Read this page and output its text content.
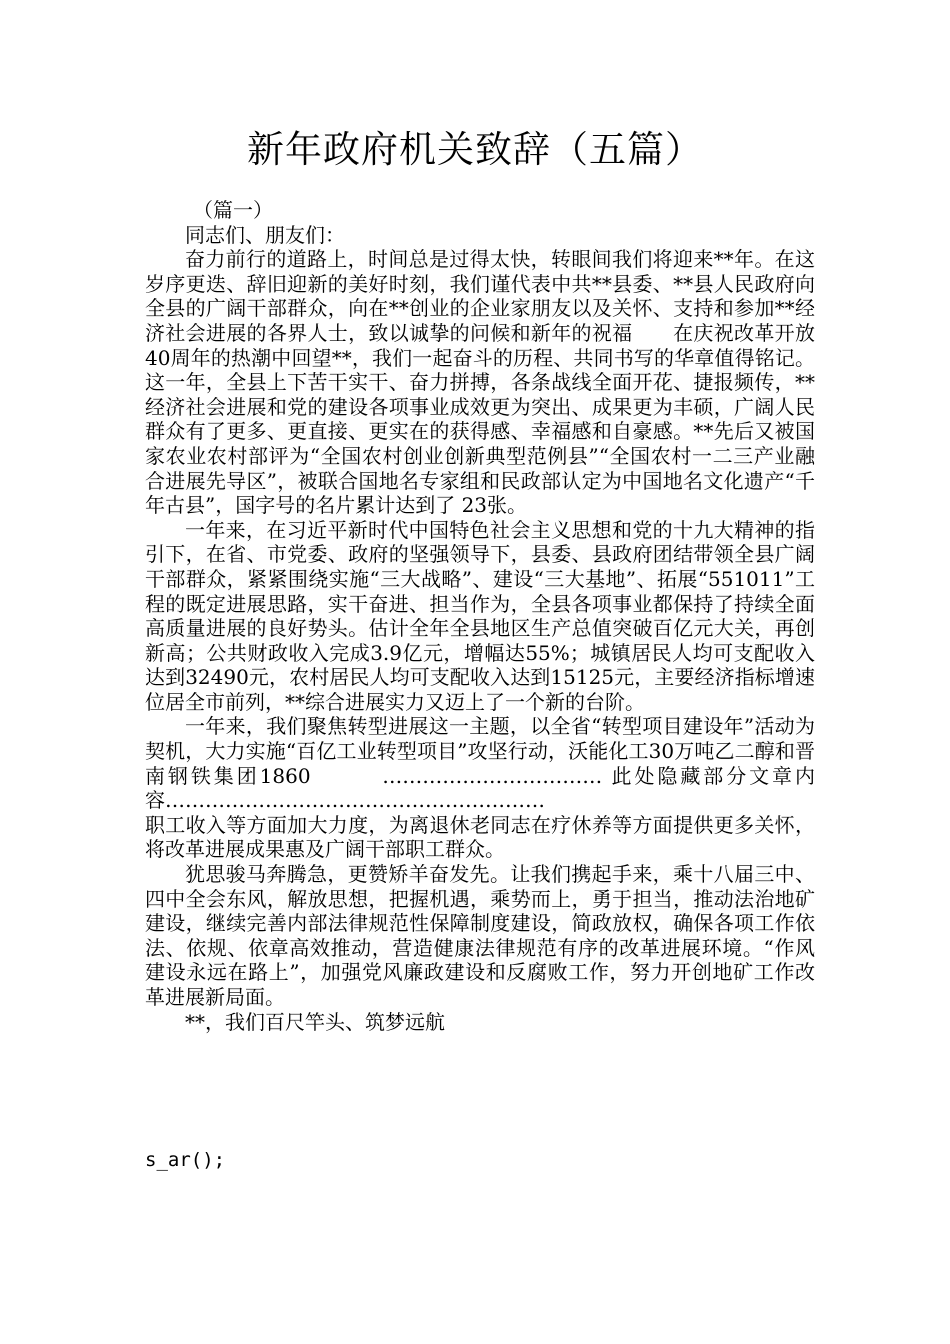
新年政府机关致辞（五篇）

（篇一）

同志们、朋友们：

奋力前行的道路上，时间总是过得太快，转眼间我们将迎来**年。在这岁序更迭、辞旧迎新的美好时刻，我们谨代表中共**县委、**县人民政府向全县的广阔干部群众，向在**创业的企业家朋友以及关怀、支持和参加**经济社会进展的各界人士，致以诚挚的问候和新年的祝福　　在庆祝改革开放40周年的热潮中回望**，我们一起奋斗的历程、共同书写的华章值得铭记。这一年，全县上下苦干实干、奋力拼搏，各条战线全面开花、捷报频传，**经济社会进展和党的建设各项事业成效更为突出、成果更为丰硕，广阔人民群众有了更多、更直接、更实在的获得感、幸福感和自豪感。**先后又被国家农业农村部评为“全国农村创业创新典型范例县”“全国农村一二三产业融合进展先导区”，被联合国地名专家组和民政部认定为中国地名文化遗产“千年古县”，国字号的名片累计达到了 23张。

一年来，在习近平新时代中国特色社会主义思想和党的十九大精神的指引下，在省、市党委、政府的坚强领导下，县委、县政府团结带领全县广阔干部群众，紧紧围绕实施“三大战略”、建设“三大基地”、拓展“551011”工程的既定进展思路，实干奋进、担当作为，全县各项事业都保持了持续全面高质量进展的良好势头。估计全年全县地区生产总值突破百亿元大关，再创新高；公共财政收入完成3.9亿元，增幅达55%；城镇居民人均可支配收入达到32490元，农村居民人均可支配收入达到15125元，主要经济指标增速位居全市前列，**综合进展实力又迈上了一个新的台阶。

一年来，我们聚焦转型进展这一主题，以全省“转型项目建设年”活动为契机，大力实施“百亿工业转型项目”攻坚行动，沃能化工30万吨乙二醇和晋南钢铁集团1860　　　…………………………… 此处隐藏部分文章内容…………………………………………………

职工收入等方面加大力度，为离退休老同志在疗休养等方面提供更多关怀，将改革进展成果惠及广阔干部职工群众。

犹思骏马奔腾急，更赞矫羊奋发先。让我们携起手来，乘十八届三中、四中全会东风，解放思想，把握机遇，乘势而上，勇于担当，推动法治地矿建设，继续完善内部法律规范性保障制度建设，简政放权，确保各项工作依法、依规、依章高效推动，营造健康法律规范有序的改革进展环境。“作风建设永远在路上”，加强党风廉政建设和反腐败工作，努力开创地矿工作改革进展新局面。

**，我们百尺竿头、筑梦远航

s_ar();
